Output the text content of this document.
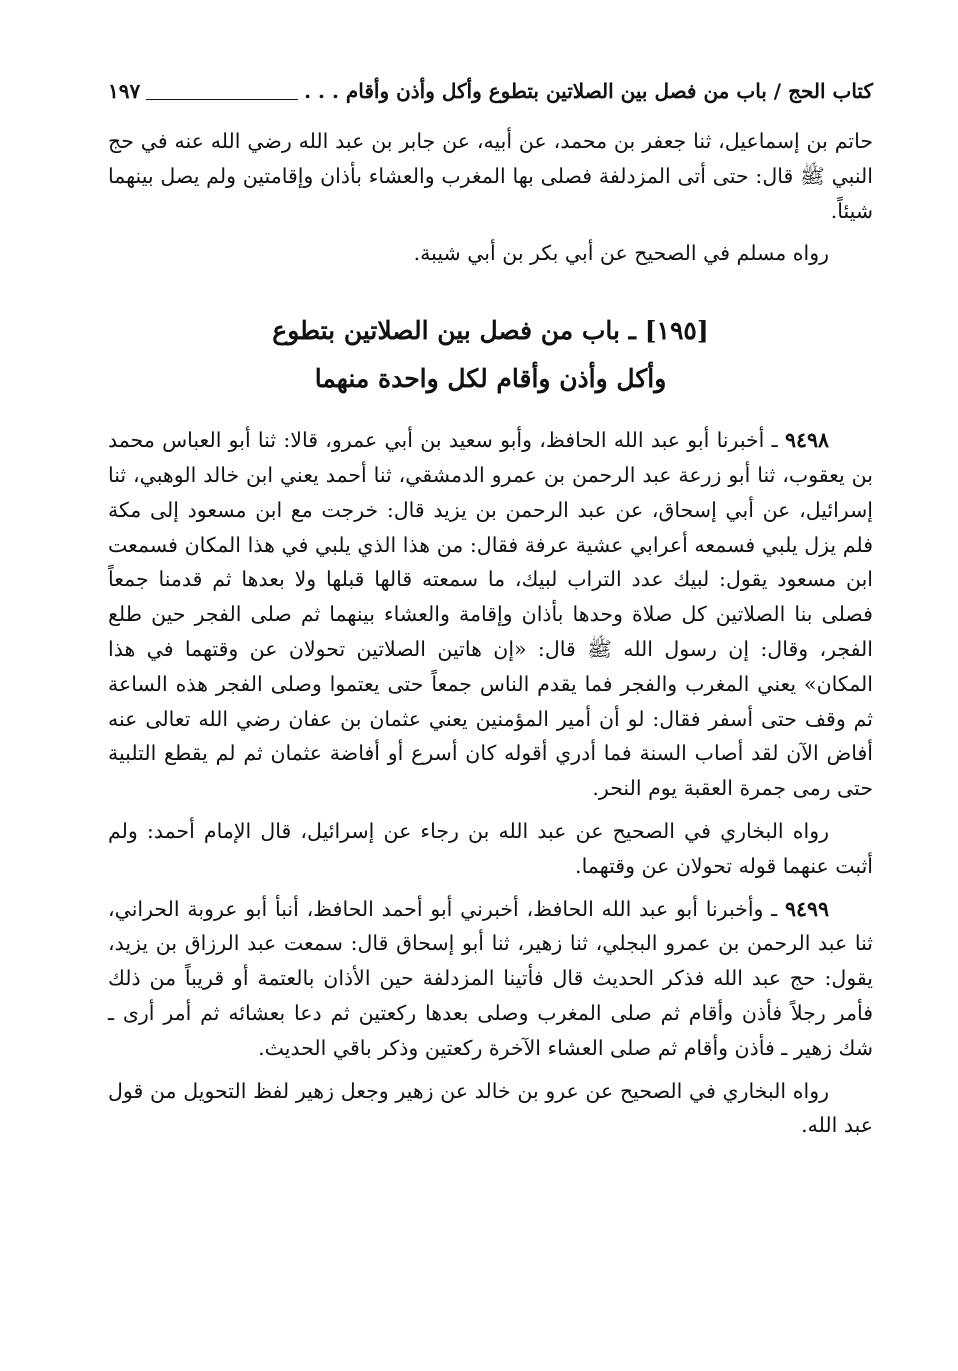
كتاب الحج / باب من فصل بين الصلاتين بتطوع وأكل وأذن وأقام . . .
١٩٧

حاتم بن إسماعيل، ثنا جعفر بن محمد، عن أبيه، عن جابر بن عبد الله رضي الله عنه في حج النبي ﷺ قال: حتى أتى المزدلفة فصلى بها المغرب والعشاء بأذان وإقامتين ولم يصل بينهما شيئاً.

رواه مسلم في الصحيح عن أبي بكر بن أبي شيبة.

[١٩٥] ـ باب من فصل بين الصلاتين بتطوع
وأكل وأذن وأقام لكل واحدة منهما

٩٤٩٨ ـ أخبرنا أبو عبد الله الحافظ، وأبو سعيد بن أبي عمرو، قالا: ثنا أبو العباس محمد بن يعقوب، ثنا أبو زرعة عبد الرحمن بن عمرو الدمشقي، ثنا أحمد يعني ابن خالد الوهبي، ثنا إسرائيل، عن أبي إسحاق، عن عبد الرحمن بن يزيد قال: خرجت مع ابن مسعود إلى مكة فلم يزل يلبي فسمعه أعرابي عشية عرفة فقال: من هذا الذي يلبي في هذا المكان فسمعت ابن مسعود يقول: لبيك عدد التراب لبيك، ما سمعته قالها قبلها ولا بعدها ثم قدمنا جمعاً فصلى بنا الصلاتين كل صلاة وحدها بأذان وإقامة والعشاء بينهما ثم صلى الفجر حين طلع الفجر، وقال: إن رسول الله ﷺ قال: «إن هاتين الصلاتين تحولان عن وقتهما في هذا المكان» يعني المغرب والفجر فما يقدم الناس جمعاً حتى يعتموا وصلى الفجر هذه الساعة ثم وقف حتى أسفر فقال: لو أن أمير المؤمنين يعني عثمان بن عفان رضي الله تعالى عنه أفاض الآن لقد أصاب السنة فما أدري أقوله كان أسرع أو أفاضة عثمان ثم لم يقطع التلبية حتى رمى جمرة العقبة يوم النحر.

رواه البخاري في الصحيح عن عبد الله بن رجاء عن إسرائيل، قال الإمام أحمد: ولم أثبت عنهما قوله تحولان عن وقتهما.

٩٤٩٩ ـ وأخبرنا أبو عبد الله الحافظ، أخبرني أبو أحمد الحافظ، أنبأ أبو عروبة الحراني، ثنا عبد الرحمن بن عمرو البجلي، ثنا زهير، ثنا أبو إسحاق قال: سمعت عبد الرزاق بن يزيد، يقول: حج عبد الله فذكر الحديث قال فأتينا المزدلفة حين الأذان بالعتمة أو قريباً من ذلك فأمر رجلاً فأذن وأقام ثم صلى المغرب وصلى بعدها ركعتين ثم دعا بعشائه ثم أمر أرى ـ شك زهير ـ فأذن وأقام ثم صلى العشاء الآخرة ركعتين وذكر باقي الحديث.

رواه البخاري في الصحيح عن عرو بن خالد عن زهير وجعل زهير لفظ التحويل من قول عبد الله.
